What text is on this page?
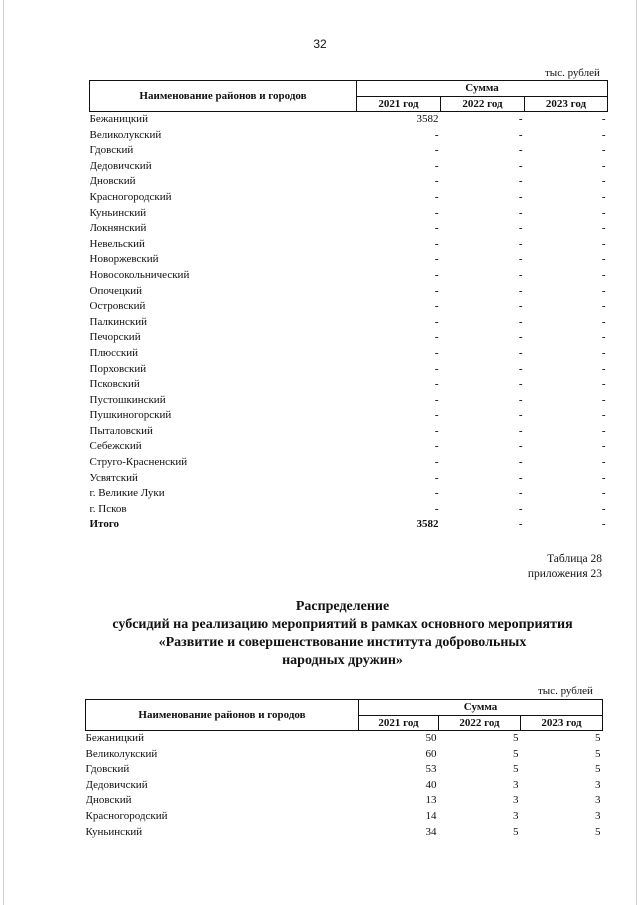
32
тыс. рублей
Наименование районов и городов	Сумма		
	2021 год	2022 год	2023 год
Бежаницкий	3582	-	-
Великолукский	-	-	-
Гдовский	-	-	-
Дедовичский	-	-	-
Дновский	-	-	-
Красногородский	-	-	-
Куньинский	-	-	-
Локнянский	-	-	-
Невельский	-	-	-
Новоржевский	-	-	-
Новосокольнический	-	-	-
Опочецкий	-	-	-
Островский	-	-	-
Палкинский	-	-	-
Печорский	-	-	-
Плюсский	-	-	-
Порховский	-	-	-
Псковский	-	-	-
Пустошкинский	-	-	-
Пушкиногорский	-	-	-
Пыталовский	-	-	-
Себежский	-	-	-
Струго-Красненский	-	-	-
Усвятский	-	-	-
г. Великие Луки	-	-	-
г. Псков	-	-	-
Итого	3582	-	-
Таблица 28
приложения 23
Распределение
субсидий на реализацию мероприятий в рамках основного мероприятия
«Развитие и совершенствование института добровольных
народных дружин»
тыс. рублей
Наименование районов и городов	Сумма		
	2021 год	2022 год	2023 год
Бежаницкий	50	5	5
Великолукский	60	5	5
Гдовский	53	5	5
Дедовичский	40	3	3
Дновский	13	3	3
Красногородский	14	3	3
Куньинский	34	5	5
